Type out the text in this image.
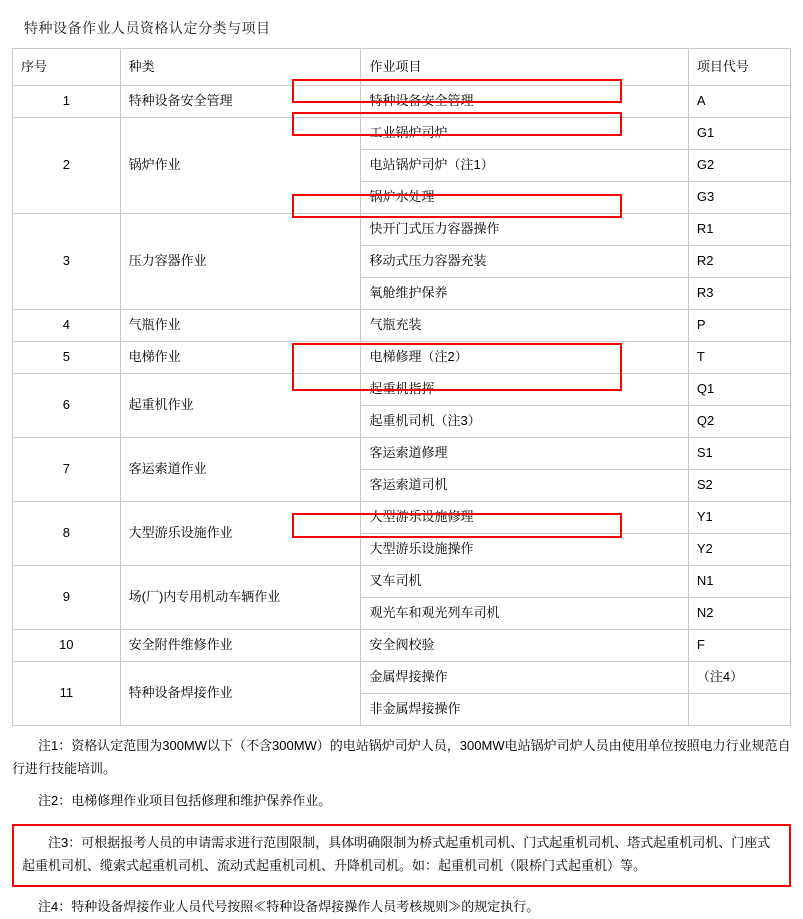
特种设备作业人员资格认定分类与项目
序号	种类	作业项目	项目代号
1	特种设备安全管理	特种设备安全管理	A
2	锅炉作业	工业锅炉司炉	G1
		电站锅炉司炉（注1）	G2
		锅炉水处理	G3
3	压力容器作业	快开门式压力容器操作	R1
		移动式压力容器充装	R2
		氧舱维护保养	R3
4	气瓶作业	气瓶充装	P
5	电梯作业	电梯修理（注2）	T
6	起重机作业	起重机指挥	Q1
		起重机司机（注3）	Q2
7	客运索道作业	客运索道修理	S1
		客运索道司机	S2
8	大型游乐设施作业	大型游乐设施修理	Y1
		大型游乐设施操作	Y2
9	场(厂)内专用机动车辆作业	叉车司机	N1
		观光车和观光列车司机	N2
10	安全附件维修作业	安全阀校验	F
11	特种设备焊接作业	金属焊接操作	（注4）
		非金属焊接操作	

注1：资格认定范围为300MW以下（不含300MW）的电站锅炉司炉人员，300MW电站锅炉司炉人员由使用单位按照电力行业规范自行进行技能培训。

注2：电梯修理作业项目包括修理和维护保养作业。

注3：可根据报考人员的申请需求进行范围限制，具体明确限制为桥式起重机司机、门式起重机司机、塔式起重机司机、门座式起重机司机、缆索式起重机司机、流动式起重机司机、升降机司机。如：起重机司机（限桥门式起重机）等。

注4：特种设备焊接作业人员代号按照≪特种设备焊接操作人员考核规则≫的规定执行。
